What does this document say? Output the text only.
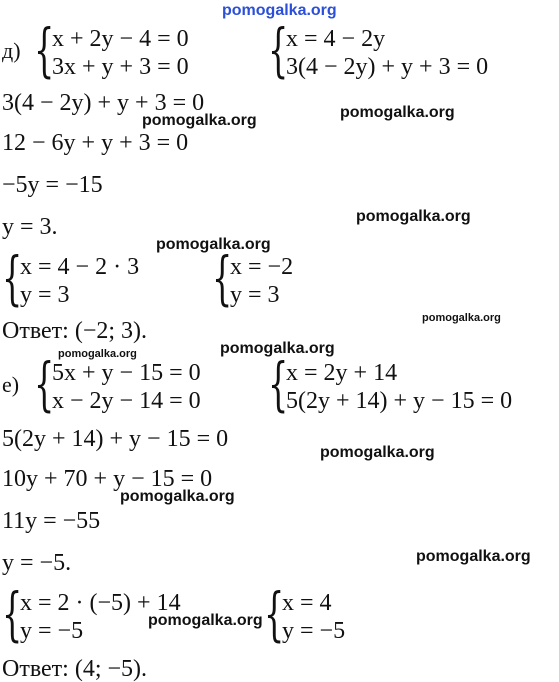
pomogalka.org
д) {
x + 2y − 4 = 0
3x + y + 3 = 0 {
x = 4 − 2y
3(4 − 2y) + y + 3 = 0
3(4 − 2y) + y + 3 = 0
12 − 6y + y + 3 = 0
−5y = −15
y = 3.
{
x = 4 − 2 · 3
y = 3 {
x = −2
y = 3
Ответ: (−2; 3).
е) {
5x + y − 15 = 0
x − 2y − 14 = 0 {
x = 2y + 14
5(2y + 14) + y − 15 = 0
5(2y + 14) + y − 15 = 0
10y + 70 + y − 15 = 0
11y = −55
y = −5.
{
x = 2 · (−5) + 14
y = −5	{
x = 4
y = −5
Ответ: (4; −5).
pomogalka.org	pomogalka.org
pomogalka.org
pomogalka.org
pomogalka.org
pomogalka.org	pomogalka.org
pomogalka.org
pomogalka.org
pomogalka.org
pomogalka.org
